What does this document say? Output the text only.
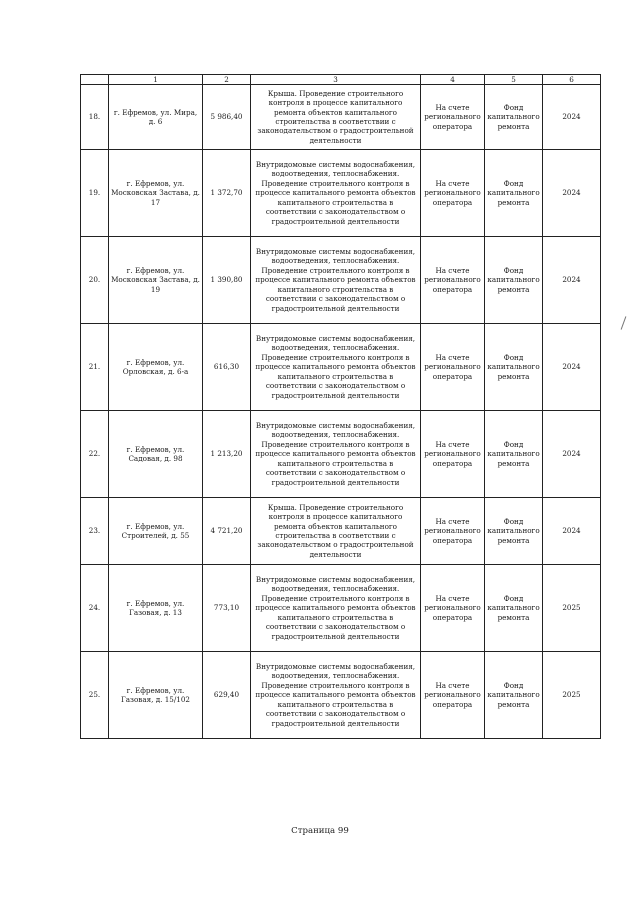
	1	2	3	4	5	6
18.	г. Ефремов, ул. Мира, д. 6	5 986,40	Крыша. Проведение строительного контроля в процессе капитального ремонта объектов капитального строительства в соответствии с законодательством о градостроительной деятельности	На счете регионального оператора	Фонд капитального ремонта	2024
19.	г. Ефремов, ул. Московская Застава, д. 17	1 372,70	Внутридомовые системы водоснабжения, водоотведения, теплоснабжения. Проведение строительного контроля в процессе капитального ремонта объектов капитального строительства в соответствии с законодательством о градостроительной деятельности	На счете регионального оператора	Фонд капитального ремонта	2024
20.	г. Ефремов, ул. Московская Застава, д. 19	1 390,80	Внутридомовые системы водоснабжения, водоотведения, теплоснабжения. Проведение строительного контроля в процессе капитального ремонта объектов капитального строительства в соответствии с законодательством о градостроительной деятельности	На счете регионального оператора	Фонд капитального ремонта	2024
21.	г. Ефремов, ул. Орловская, д. 6-а	616,30	Внутридомовые системы водоснабжения, водоотведения, теплоснабжения. Проведение строительного контроля в процессе капитального ремонта объектов капитального строительства в соответствии с законодательством о градостроительной деятельности	На счете регионального оператора	Фонд капитального ремонта	2024
22.	г. Ефремов, ул. Садовая, д. 98	1 213,20	Внутридомовые системы водоснабжения, водоотведения, теплоснабжения. Проведение строительного контроля в процессе капитального ремонта объектов капитального строительства в соответствии с законодательством о градостроительной деятельности	На счете регионального оператора	Фонд капитального ремонта	2024
23.	г. Ефремов, ул. Строителей, д. 55	4 721,20	Крыша. Проведение строительного контроля в процессе капитального ремонта объектов капитального строительства в соответствии с законодательством о градостроительной деятельности	На счете регионального оператора	Фонд капитального ремонта	2024
24.	г. Ефремов, ул. Газовая, д. 13	773,10	Внутридомовые системы водоснабжения, водоотведения, теплоснабжения. Проведение строительного контроля в процессе капитального ремонта объектов капитального строительства в соответствии с законодательством о градостроительной деятельности	На счете регионального оператора	Фонд капитального ремонта	2025
25.	г. Ефремов, ул. Газовая, д. 15/102	629,40	Внутридомовые системы водоснабжения, водоотведения, теплоснабжения. Проведение строительного контроля в процессе капитального ремонта объектов капитального строительства в соответствии с законодательством о градостроительной деятельности	На счете регионального оператора	Фонд капитального ремонта	2025
Страница 99
